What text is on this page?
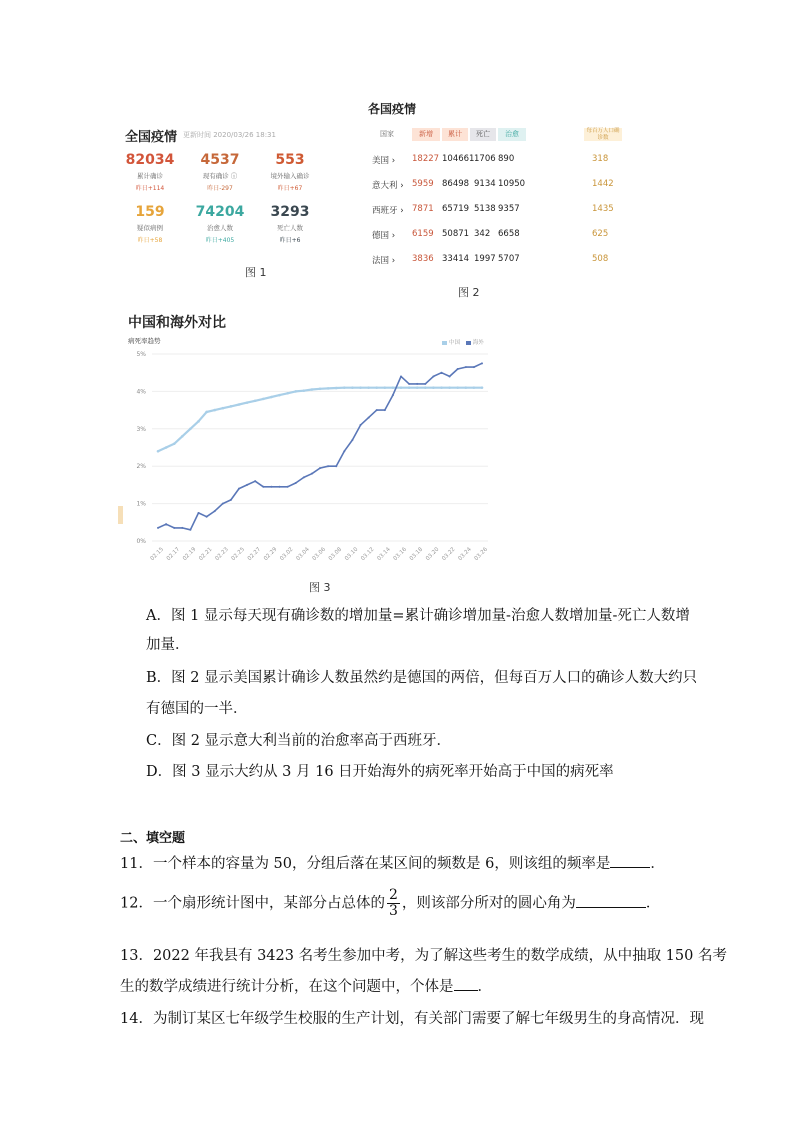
全国疫情 更新时间 2020/03/26 18:31
82034
累计确诊
昨日+114
4537
现有确诊 ⓘ
昨日-297
553
境外输入确诊
昨日+67
159
疑似病例
昨日+58
74204
治愈人数
昨日+405
3293
死亡人数
昨日+6
图 1
各国疫情
国家	新增	累计	死亡	治愈	每百万人口确诊数
美国 › 18227 104661 1706 890	318
意大利 › 5959 86498 9134 10950	1442
西班牙 › 7871 65719 5138 9357	1435
德国 › 6159 50871 342 6658	625
法国 › 3836 33414 1997 5707	508
图 2
中国和海外对比
病死率趋势	中国 海外
0%
1%
2%
3%
4%
5%
02.15 02.17 02.19 02.21 02.23 02.25 02.27 02.29 03.02 03.04 03.06 03.08 03.10 03.12 03.14 03.16 03.18 03.20 03.22 03.24 03.26
图 3
A．图 1 显示每天现有确诊数的增加量=累计确诊增加量-治愈人数增加量-死亡人数增
加量．
B．图 2 显示美国累计确诊人数虽然约是德国的两倍，但每百万人口的确诊人数大约只
有德国的一半．
C．图 2 显示意大利当前的治愈率高于西班牙．
D．图 3 显示大约从 3 月 16 日开始海外的病死率开始高于中国的病死率
二、填空题
11．一个样本的容量为 50，分组后落在某区间的频数是 6，则该组的频率是	．
12．一个扇形统计图中，某部分占总体的 $\frac{2}{3}$ ，则该部分所对的圆心角为	．
13．2022 年我县有 3423 名考生参加中考，为了解这些考生的数学成绩，从中抽取 150 名考
生的数学成绩进行统计分析，在这个问题中，个体是 ．
14．为制订某区七年级学生校服的生产计划，有关部门需要了解七年级男生的身高情况．现
